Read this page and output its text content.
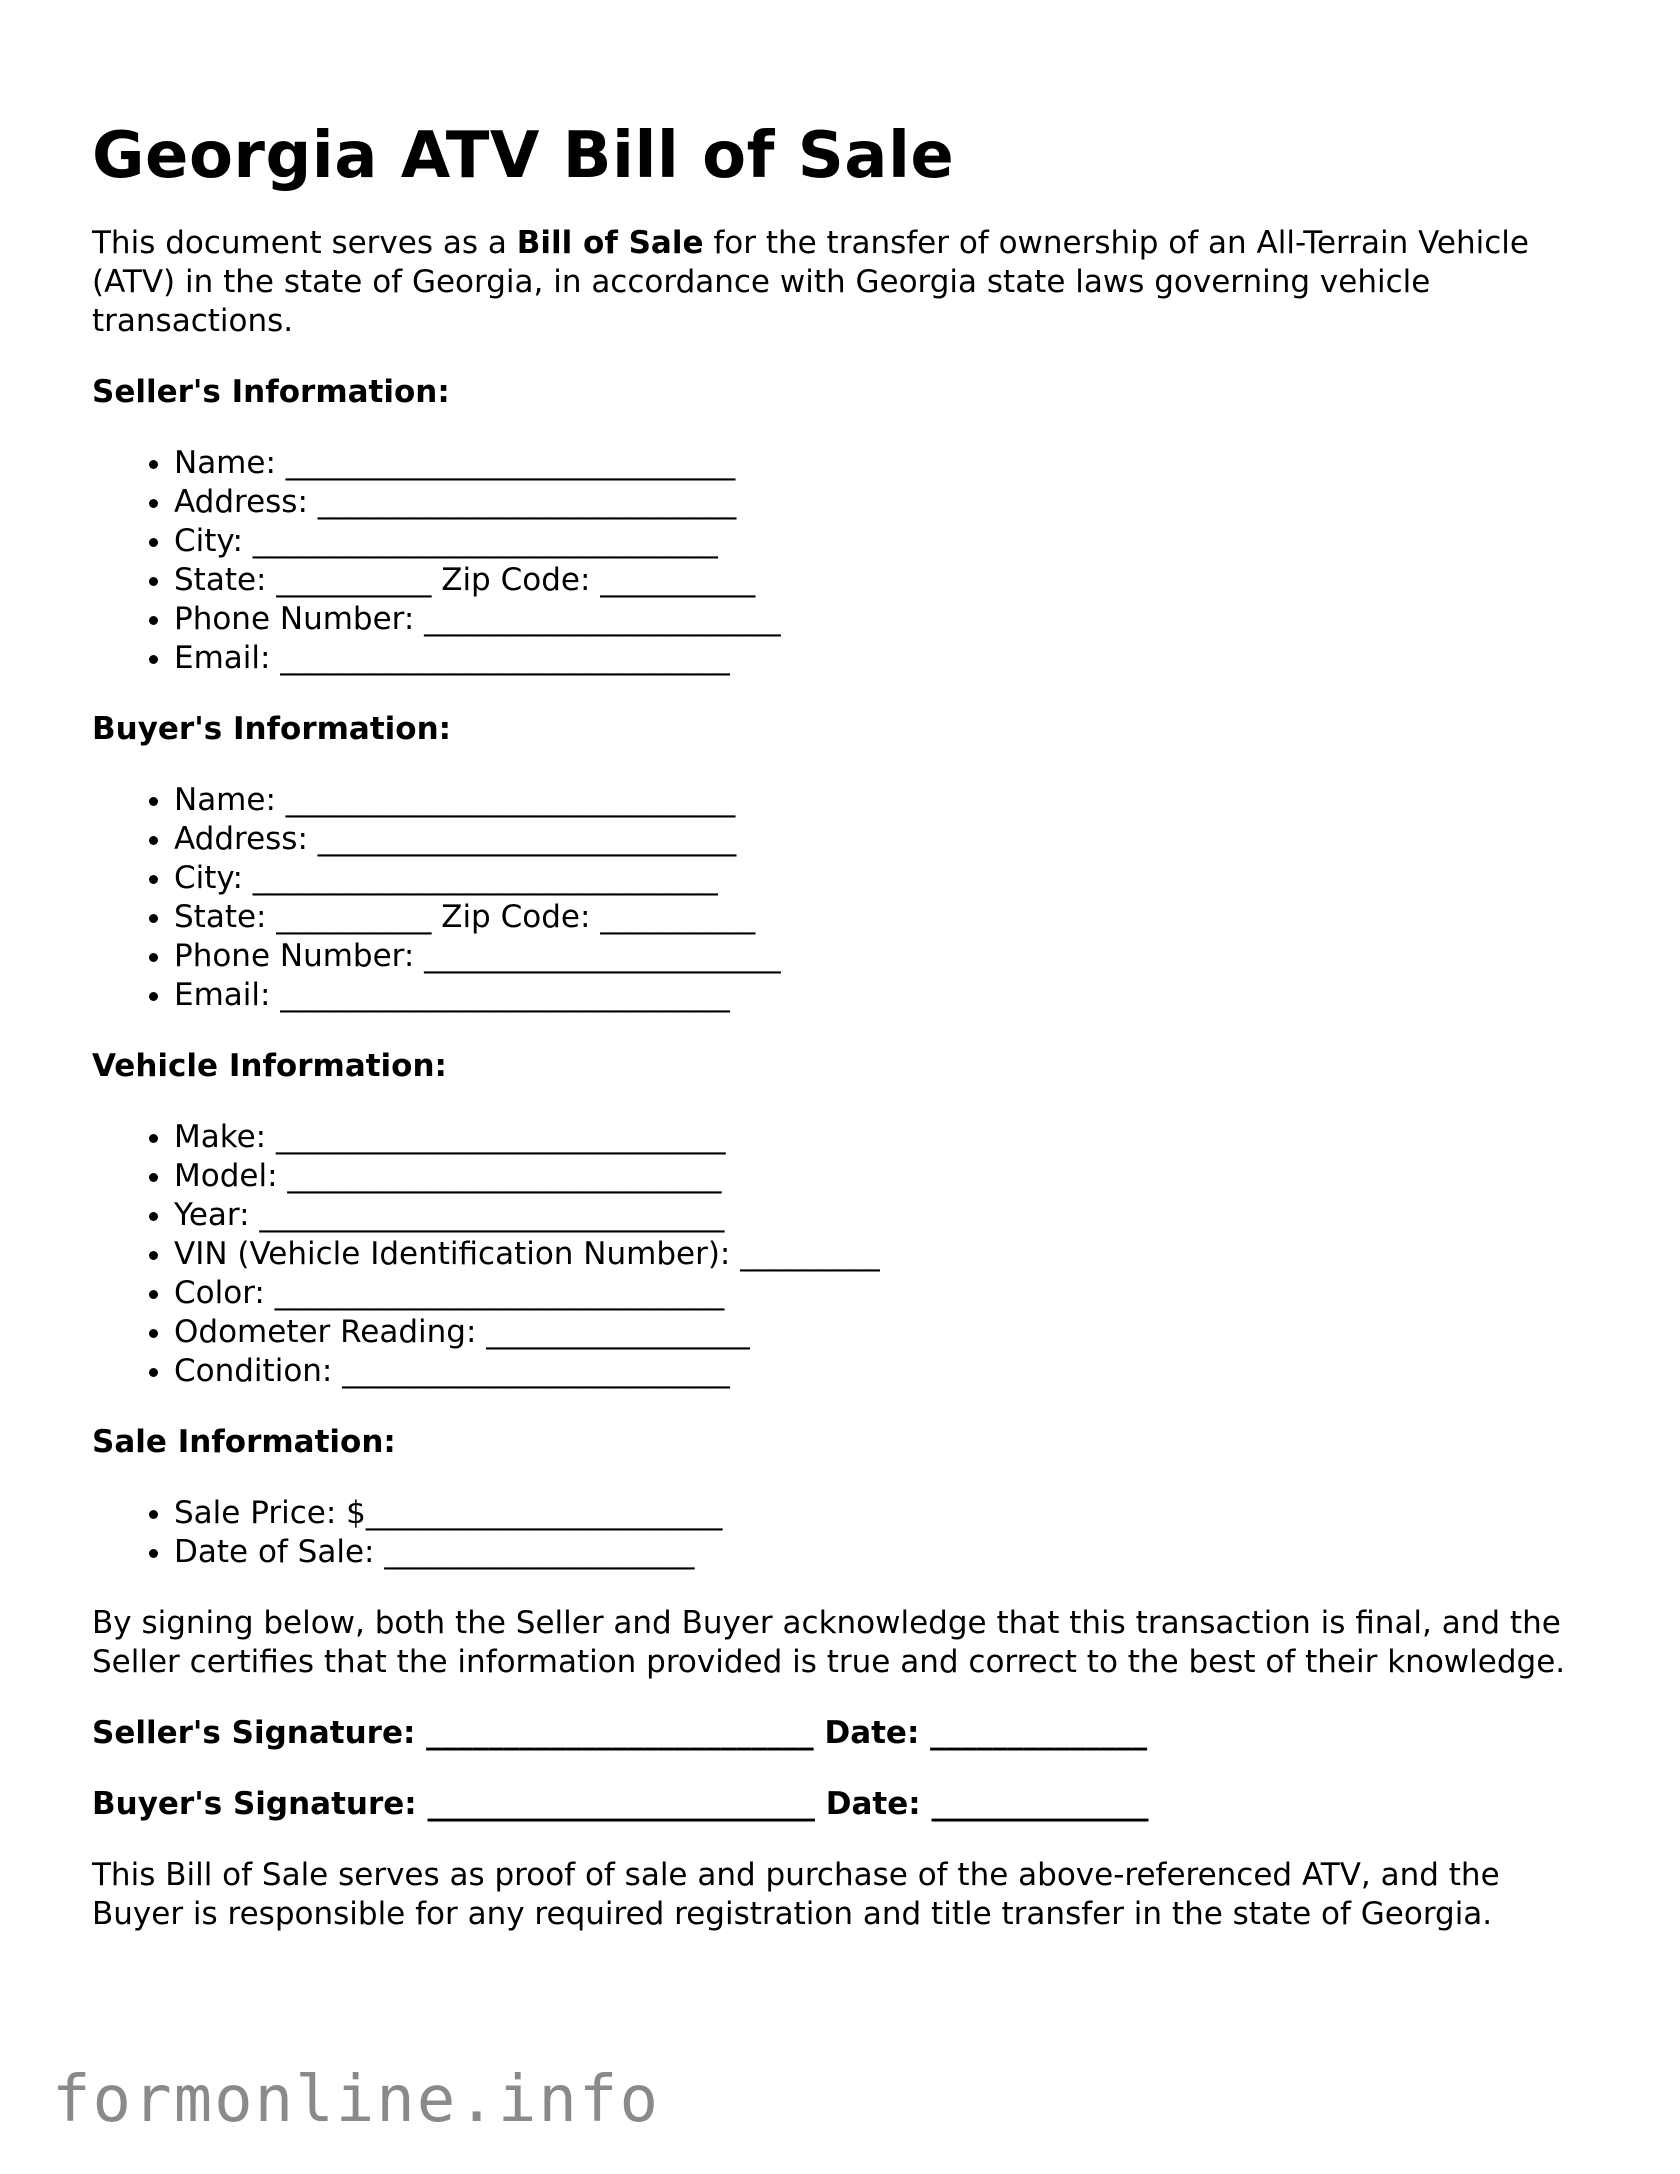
Georgia ATV Bill of Sale

This document serves as a Bill of Sale for the transfer of ownership of an All-Terrain Vehicle (ATV) in the state of Georgia, in accordance with Georgia state laws governing vehicle transactions.

Seller's Information:
• Name: _____________________________
• Address: ___________________________
• City: ______________________________
• State: __________ Zip Code: __________
• Phone Number: _______________________
• Email: _____________________________
Buyer's Information:
• Name: _____________________________
• Address: ___________________________
• City: ______________________________
• State: __________ Zip Code: __________
• Phone Number: _______________________
• Email: _____________________________
Vehicle Information:
• Make: _____________________________
• Model: ____________________________
• Year: ______________________________
• VIN (Vehicle Identification Number): _________
• Color: _____________________________
• Odometer Reading: _________________
• Condition: _________________________
Sale Information:
• Sale Price: $_______________________
• Date of Sale: ____________________

By signing below, both the Seller and Buyer acknowledge that this transaction is final, and the Seller certifies that the information provided is true and correct to the best of their knowledge.

Seller's Signature: _________________________ Date: ______________
Buyer's Signature: _________________________ Date: ______________

This Bill of Sale serves as proof of sale and purchase of the above-referenced ATV, and the Buyer is responsible for any required registration and title transfer in the state of Georgia.

formonline.info
